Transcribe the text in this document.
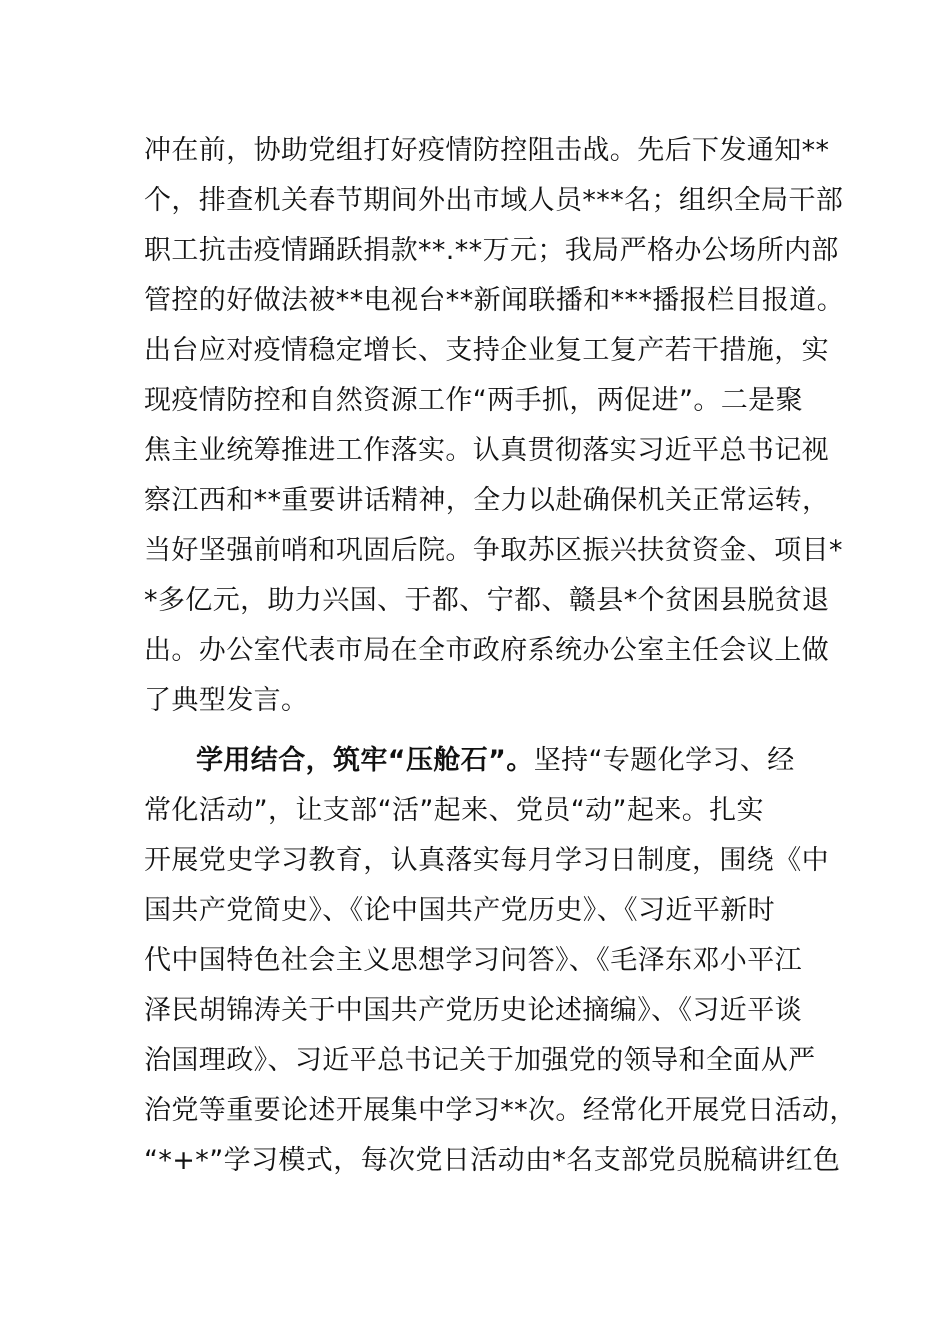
冲在前，协助党组打好疫情防控阻击战。先后下发通知**
个，排查机关春节期间外出市域人员***名；组织全局干部
职工抗击疫情踊跃捐款**.**万元；我局严格办公场所内部
管控的好做法被**电视台**新闻联播和***播报栏目报道。
出台应对疫情稳定增长、支持企业复工复产若干措施，实
现疫情防控和自然资源工作“两手抓，两促进”。二是聚
焦主业统筹推进工作落实。认真贯彻落实习近平总书记视
察江西和**重要讲话精神，全力以赴确保机关正常运转，
当好坚强前哨和巩固后院。争取苏区振兴扶贫资金、项目*
*多亿元，助力兴国、于都、宁都、赣县*个贫困县脱贫退
出。办公室代表市局在全市政府系统办公室主任会议上做
了典型发言。
学用结合，筑牢“压舱石”。坚持“专题化学习、经
常化活动”，让支部“活”起来、党员“动”起来。扎实
开展党史学习教育，认真落实每月学习日制度，围绕《中
国共产党简史》、《论中国共产党历史》、《习近平新时
代中国特色社会主义思想学习问答》、《毛泽东邓小平江
泽民胡锦涛关于中国共产党历史论述摘编》、《习近平谈
治国理政》、习近平总书记关于加强党的领导和全面从严
治党等重要论述开展集中学习**次。经常化开展党日活动，
“*+*”学习模式，每次党日活动由*名支部党员脱稿讲红色
